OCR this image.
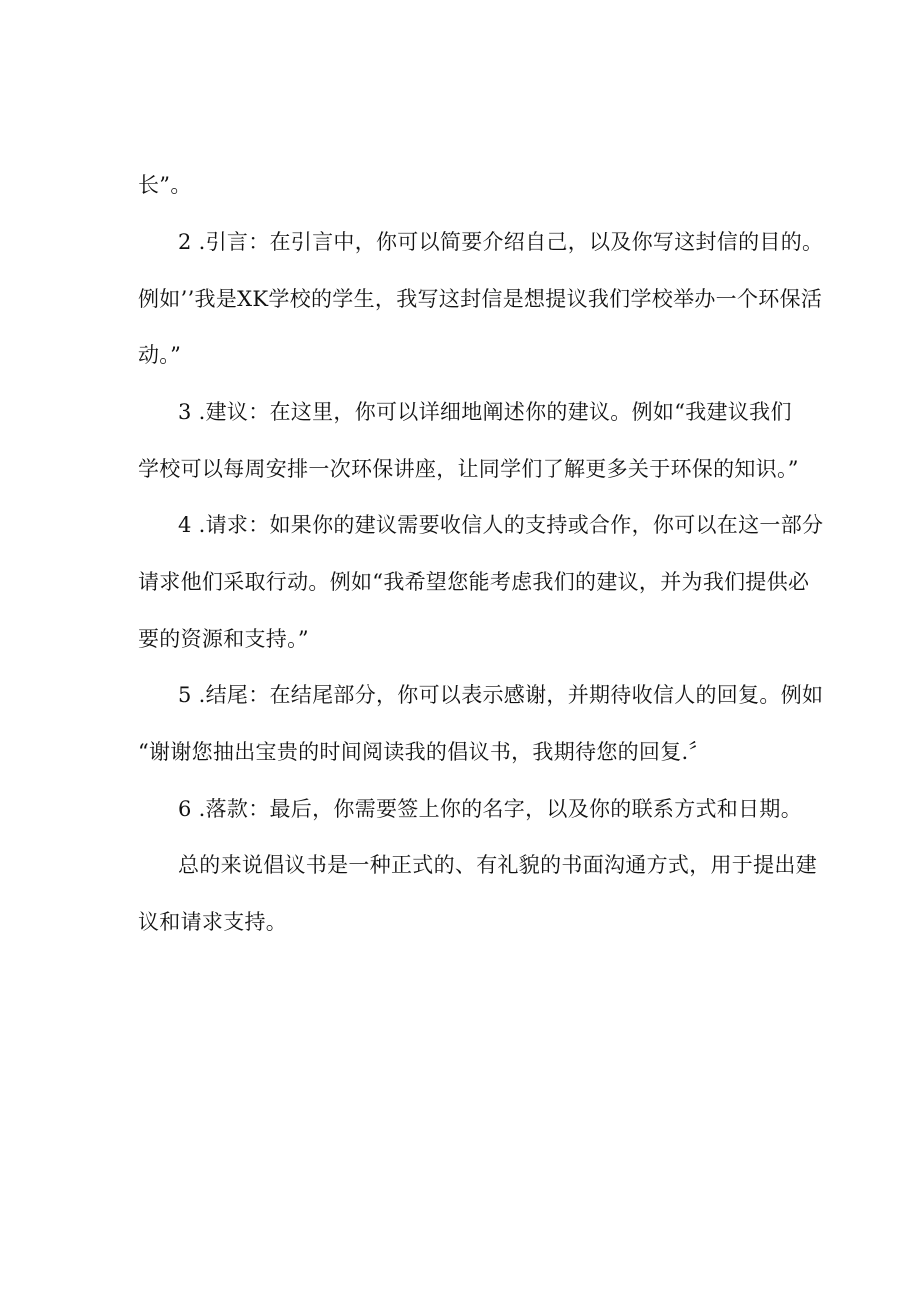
长”。
2 .引言：在引言中，你可以简要介绍自己，以及你写这封信的目的。
例如’’我是XK学校的学生，我写这封信是想提议我们学校举办一个环保活
动。”
3 .建议：在这里，你可以详细地阐述你的建议。例如“我建议我们
学校可以每周安排一次环保讲座，让同学们了解更多关于环保的知识。”
4 .请求：如果你的建议需要收信人的支持或合作，你可以在这一部分
请求他们采取行动。例如“我希望您能考虑我们的建议，并为我们提供必
要的资源和支持。”
5 .结尾：在结尾部分，你可以表示感谢，并期待收信人的回复。例如
“谢谢您抽出宝贵的时间阅读我的倡议书，我期待您的回复.〞
6 .落款：最后，你需要签上你的名字，以及你的联系方式和日期。
总的来说倡议书是一种正式的、有礼貌的书面沟通方式，用于提出建
议和请求支持。
